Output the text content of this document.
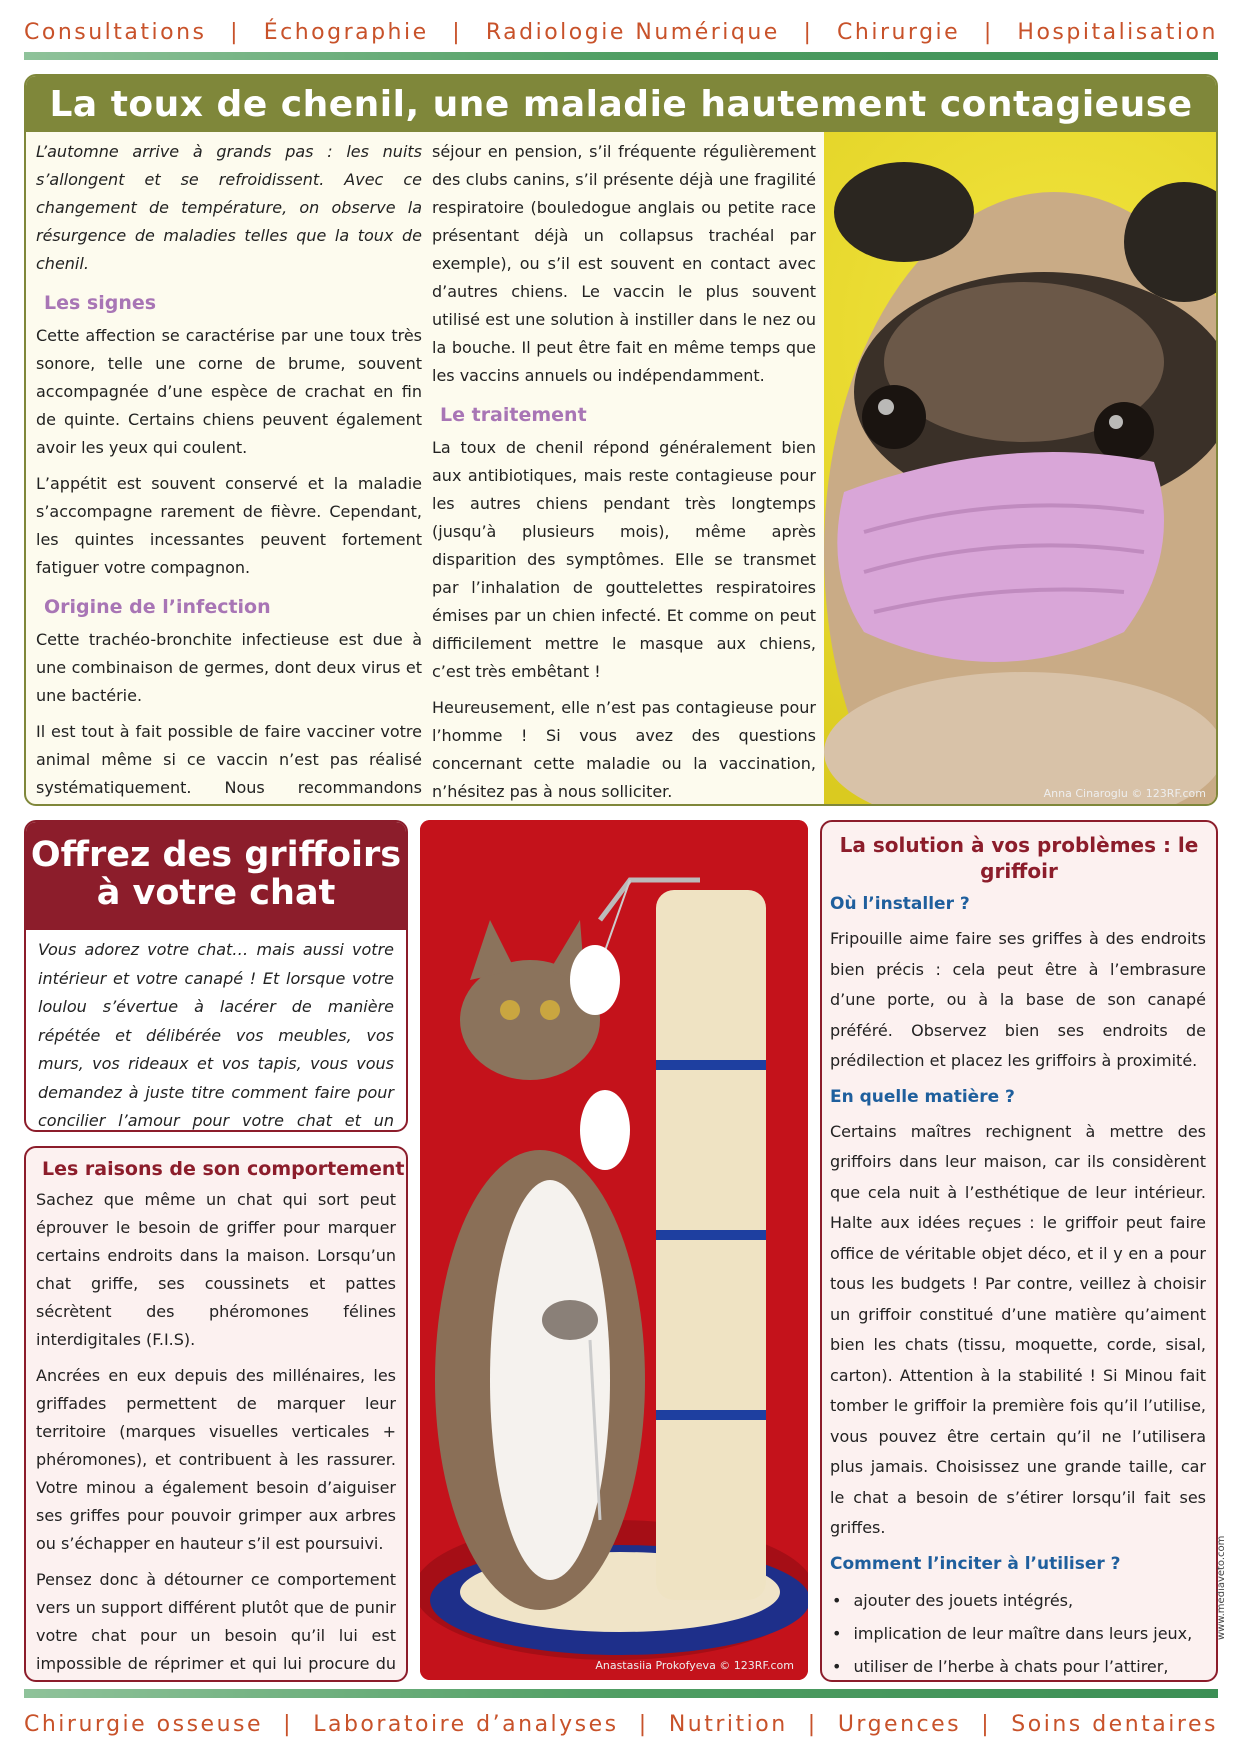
Consultations | Échographie | Radiologie Numérique | Chirurgie | Hospitalisation
La toux de chenil, une maladie hautement contagieuse

L’automne arrive à grands pas : les nuits s’allongent et se refroidissent. Avec ce changement de température, on observe la résurgence de maladies telles que la toux de chenil.

Les signes

Cette affection se caractérise par une toux très sonore, telle une corne de brume, souvent accompagnée d’une espèce de crachat en fin de quinte. Certains chiens peuvent également avoir les yeux qui coulent.

L’appétit est souvent conservé et la maladie s’accompagne rarement de fièvre. Cependant, les quintes incessantes peuvent fortement fatiguer votre compagnon.

Origine de l’infection

Cette trachéo-bronchite infectieuse est due à une combinaison de germes, dont deux virus et une bactérie.

Il est tout à fait possible de faire vacciner votre animal même si ce vaccin n’est pas réalisé systématiquement. Nous recommandons

séjour en pension, s’il fréquente régulièrement des clubs canins, s’il présente déjà une fragilité respiratoire (bouledogue anglais ou petite race présentant déjà un collapsus trachéal par exemple), ou s’il est souvent en contact avec d’autres chiens. Le vaccin le plus souvent utilisé est une solution à instiller dans le nez ou la bouche. Il peut être fait en même temps que les vaccins annuels ou indépendamment.

Le traitement

La toux de chenil répond généralement bien aux antibiotiques, mais reste contagieuse pour les autres chiens pendant très longtemps (jusqu’à plusieurs mois), même après disparition des symptômes. Elle se transmet par l’inhalation de gouttelettes respiratoires émises par un chien infecté. Et comme on peut difficilement mettre le masque aux chiens, c’est très embêtant !

Heureusement, elle n’est pas contagieuse pour l’homme ! Si vous avez des questions concernant cette maladie ou la vaccination, n’hésitez pas à nous solliciter.	Anna Cinaroglu © 123RF.com
Offrez des griffoirs
à votre chat

Vous adorez votre chat… mais aussi votre intérieur et votre canapé ! Et lorsque votre loulou s’évertue à lacérer de manière répétée et délibérée vos meubles, vos murs, vos rideaux et vos tapis, vous vous demandez à juste titre comment faire pour concilier l’amour pour votre chat et un

Les raisons de son comportement

Sachez que même un chat qui sort peut éprouver le besoin de griffer pour marquer certains endroits dans la maison. Lorsqu’un chat griffe, ses coussinets et pattes sécrètent des phéromones félines interdigitales (F.I.S).

Ancrées en eux depuis des millénaires, les griffades permettent de marquer leur territoire (marques visuelles verticales + phéromones), et contribuent à les rassurer. Votre minou a également besoin d’aiguiser ses griffes pour pouvoir grimper aux arbres ou s’échapper en hauteur s’il est poursuivi.

Pensez donc à détourner ce comportement vers un support différent plutôt que de punir votre chat pour un besoin qu’il lui est impossible de réprimer et qui lui procure du	Anastasiia Prokofyeva © 123RF.com
La solution à vos problèmes : le griffoir
Où l’installer ?

Fripouille aime faire ses griffes à des endroits bien précis : cela peut être à l’embrasure d’une porte, ou à la base de son canapé préféré. Observez bien ses endroits de prédilection et placez les griffoirs à proximité.

En quelle matière ?

Certains maîtres rechignent à mettre des griffoirs dans leur maison, car ils considèrent que cela nuit à l’esthétique de leur intérieur. Halte aux idées reçues : le griffoir peut faire office de véritable objet déco, et il y en a pour tous les budgets ! Par contre, veillez à choisir un griffoir constitué d’une matière qu’aiment bien les chats (tissu, moquette, corde, sisal, carton). Attention à la stabilité ! Si Minou fait tomber le griffoir la première fois qu’il l’utilise, vous pouvez être certain qu’il ne l’utilisera plus jamais. Choisissez une grande taille, car le chat a besoin de s’étirer lorsqu’il fait ses griffes.

Comment l’inciter à l’utiliser ?
• ajouter des jouets intégrés,
• implication de leur maître dans leurs jeux,
• utiliser de l’herbe à chats pour l’attirer,
www.mediaveto.com
Chirurgie osseuse | Laboratoire d’analyses | Nutrition | Urgences | Soins dentaires
